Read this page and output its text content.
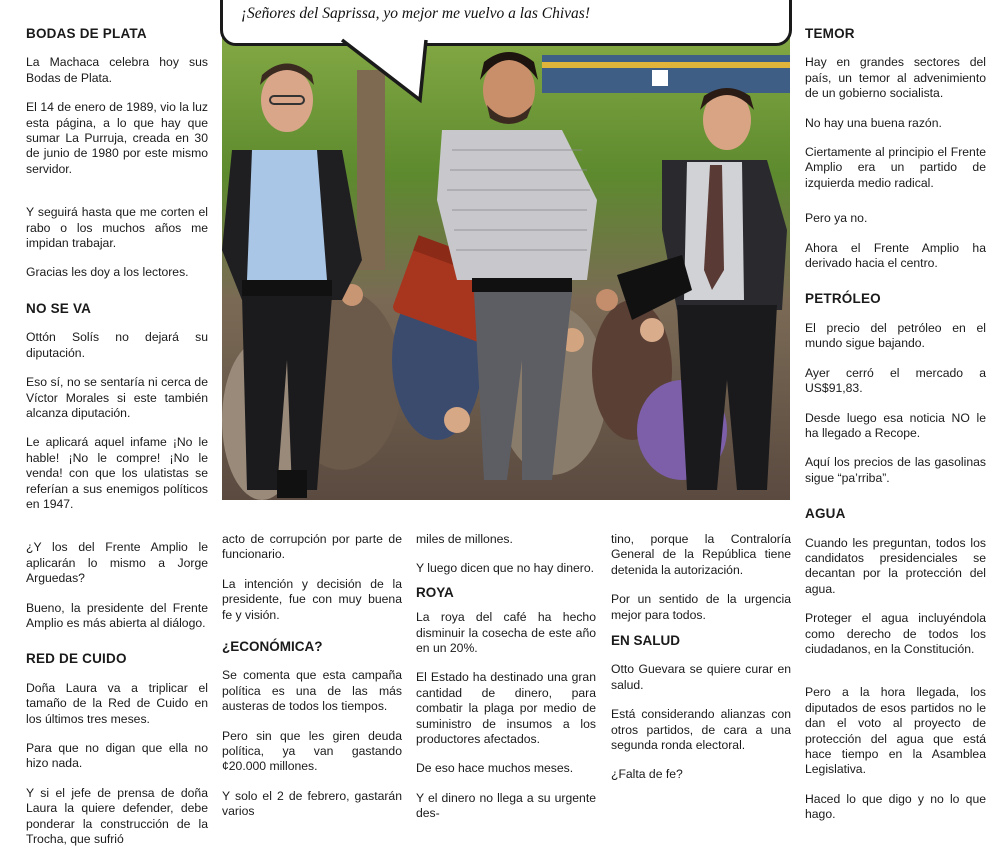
¡Señores del Saprissa, yo mejor me vuelvo a las Chivas!
BODAS DE PLATA

La Machaca celebra hoy sus Bodas de Plata.

El 14 de enero de 1989, vio la luz esta página, a lo que hay que sumar La Purruja, creada en 30 de junio de 1980 por este mismo servidor.

Y seguirá hasta que me corten el rabo o los muchos años me impidan trabajar.

Gracias les doy a los lectores.

NO SE VA

Ottón Solís no dejará su diputación.

Eso sí, no se sentaría ni cerca de Víctor Morales si este también alcanza diputación.

Le aplicará aquel infame ¡No le hable! ¡No le compre! ¡No le venda! con que los ulatistas se referían a sus enemigos políticos en 1947.

¿Y los del Frente Amplio le aplicarán lo mismo a Jorge Arguedas?

Bueno, la presidente del Frente Amplio es más abierta al diálogo.

RED DE CUIDO

Doña Laura va a triplicar el tamaño de la Red de Cuido en los últimos tres meses.

Para que no digan que ella no hizo nada.

Y si el jefe de prensa de doña Laura la quiere defender, debe ponderar la construcción de la Trocha, que sufrió

acto de corrupción por parte de funcionario.

La intención y decisión de la presidente, fue con muy buena fe y visión.

¿ECONÓMICA?

Se comenta que esta campaña política es una de las más austeras de todos los tiempos.

Pero sin que les giren deuda política, ya van gastando ¢20.000 millones.

Y solo el 2 de febrero, gastarán varios

miles de millones.

Y luego dicen que no hay dinero.

ROYA

La roya del café ha hecho disminuir la cosecha de este año en un 20%.

El Estado ha destinado una gran cantidad de dinero, para combatir la plaga por medio de suministro de insumos a los productores afectados.

De eso hace muchos meses.

Y el dinero no llega a su urgente des-

tino, porque la Contraloría General de la República tiene detenida la autorización.

Por un sentido de la urgencia mejor para todos.

EN SALUD

Otto Guevara se quiere curar en salud.

Está considerando alianzas con otros partidos, de cara a una segunda ronda electoral.

¿Falta de fe?

TEMOR

Hay en grandes sectores del país, un temor al advenimiento de un gobierno socialista.

No hay una buena razón.

Ciertamente al principio el Frente Amplio era un partido de izquierda medio radical.

Pero ya no.

Ahora el Frente Amplio ha derivado hacia el centro.

PETRÓLEO

El precio del petróleo en el mundo sigue bajando.

Ayer cerró el mercado a US$91,83.

Desde luego esa noticia NO le ha llegado a Recope.

Aquí los precios de las gasolinas sigue “pa’rriba”.

AGUA

Cuando les preguntan, todos los candidatos presidenciales se decantan por la protección del agua.

Proteger el agua incluyéndola como derecho de todos los ciudadanos, en la Constitución.

Pero a la hora llegada, los diputados de esos partidos no le dan el voto al proyecto de protección del agua que está hace tiempo en la Asamblea Legislativa.

Haced lo que digo y no lo que hago.
